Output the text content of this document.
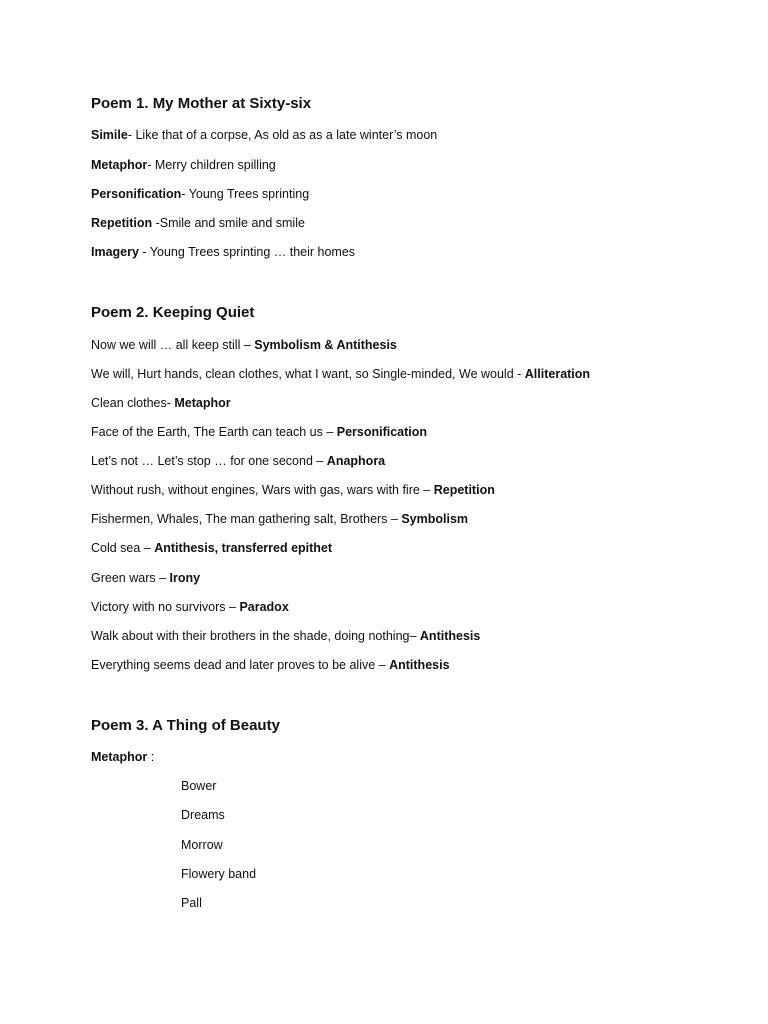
Poem 1. My Mother at Sixty-six
Simile- Like that of a corpse, As old as as a late winter’s moon
Metaphor- Merry children spilling
Personification- Young Trees sprinting
Repetition -Smile and smile and smile
Imagery - Young Trees sprinting … their homes
Poem 2. Keeping Quiet
Now we will … all keep still – Symbolism & Antithesis
We will, Hurt hands, clean clothes, what I want, so Single-minded, We would - Alliteration
Clean clothes- Metaphor
Face of the Earth, The Earth can teach us – Personification
Let’s not … Let’s stop … for one second – Anaphora
Without rush, without engines, Wars with gas, wars with fire – Repetition
Fishermen, Whales, The man gathering salt, Brothers – Symbolism
Cold sea – Antithesis, transferred epithet
Green wars – Irony
Victory with no survivors – Paradox
Walk about with their brothers in the shade, doing nothing– Antithesis
Everything seems dead and later proves to be alive – Antithesis
Poem 3. A Thing of Beauty
Metaphor :
Bower
Dreams
Morrow
Flowery band
Pall
